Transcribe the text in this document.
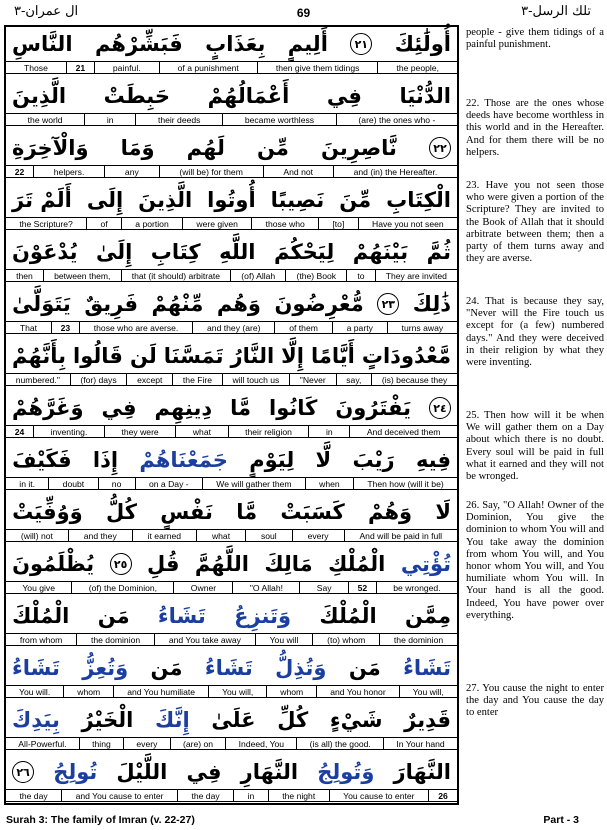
ال عمران-٣	69	تلك الرسل-٣
النَّاسِ فَبَشِّرْهُم بِعَذَابٍ أَلِيمٍ	٢١ أُولَٰئِكَ
Those	21	painful.	of a punishment	then give them tidings	the people,
الَّذِينَ حَبِطَتْ أَعْمَالُهُمْ فِي الدُّنْيَا
the world	in	their deeds	became worthless	(are) the ones who -
وَالْآخِرَةِ وَمَا لَهُم مِّن نَّاصِرِينَ	٢٢
22	helpers.	any	(will be) for them	And not	and (in) the Hereafter.
أَلَمْ تَرَ إِلَى الَّذِينَ أُوتُوا نَصِيبًا مِّنَ الْكِتَابِ
the Scripture?	of	a portion	were given	those who	[to]	Have you not seen
يُدْعَوْنَ إِلَىٰ كِتَابِ اللَّهِ لِيَحْكُمَ بَيْنَهُمْ ثُمَّ
then	between them,	that (it should) arbitrate	(of) Allah	(the) Book	to	They are invited
يَتَوَلَّىٰ فَرِيقٌ مِّنْهُمْ وَهُم مُّعْرِضُونَ	٢٣ ذَٰلِكَ
That	23	those who are averse.	and they (are)	of them	a party	turns away
بِأَنَّهُمْ قَالُوا لَن تَمَسَّنَا النَّارُ إِلَّا أَيَّامًا مَّعْدُودَاتٍ
numbered."	(for) days	except	the Fire	will touch us	"Never	say,	(is) because they
وَغَرَّهُمْ فِي دِينِهِم مَّا كَانُوا يَفْتَرُونَ	٢٤
24	inventing.	they were	what	their religion	in	And deceived them
فَكَيْفَ إِذَا جَمَعْنَاهُمْ لِيَوْمٍ لَّا رَيْبَ فِيهِ
in it.	doubt	no	on a Day -	We will gather them	when	Then how (will it be)
وَوُفِّيَتْ كُلُّ نَفْسٍ مَّا كَسَبَتْ وَهُمْ لَا
(will) not	and they	it earned	what	soul	every	And will be paid in full
يُظْلَمُونَ	٢٥ قُلِ اللَّهُمَّ مَالِكَ الْمُلْكِ تُؤْتِي
You give	(of) the Dominion,	Owner	"O Allah!	Say	52	be wronged.
الْمُلْكَ مَن تَشَاءُ وَتَنزِعُ الْمُلْكَ مِمَّن
from whom	the dominion	and You take away	You will	(to) whom	the dominion
تَشَاءُ وَتُعِزُّ مَن تَشَاءُ وَتُذِلُّ مَن تَشَاءُ
You will.	whom	and You humiliate	You will,	whom	and You honor	You will,
بِيَدِكَ الْخَيْرُ إِنَّكَ عَلَىٰ كُلِّ شَيْءٍ قَدِيرٌ
All-Powerful.	thing	every	(are) on	Indeed, You	(is all) the good.	In Your hand
٢٦ تُولِجُ اللَّيْلَ فِي النَّهَارِ وَتُولِجُ النَّهَارَ
the day	and You cause to enter	the day	in	the night	You cause to enter	26

people - give them tidings of a painful punishment.

22. Those are the ones whose deeds have become worthless in this world and in the Hereafter. And for them there will be no helpers.

23. Have you not seen those who were given a portion of the Scripture? They are invited to the Book of Allah that it should arbitrate between them; then a party of them turns away and they are averse.

24. That is because they say, "Never will the Fire touch us except for (a few) numbered days." And they were deceived in their religion by what they were inventing.

25. Then how will it be when We will gather them on a Day about which there is no doubt. Every soul will be paid in full what it earned and they will not be wronged.

26. Say, "O Allah! Owner of the Dominion, You give the dominion to whom You will and You take away the dominion from whom You will, and You honor whom You will, and You humiliate whom You will. In Your hand is all the good. Indeed, You have power over everything.

27. You cause the night to enter the day and You cause the day to enter

Surah 3: The family of Imran (v. 22-27)	Part - 3
